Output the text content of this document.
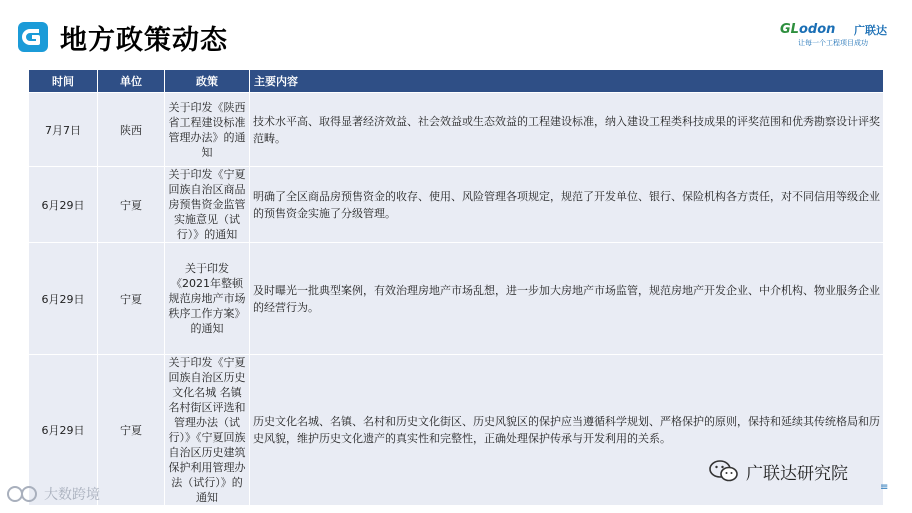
地方政策动态	GLodon 广联达
让每一个工程项目成功
时间	单位	政策	主要内容
7月7日	陕西	关于印发《陕西省工程建设标准管理办法》的通知	技术水平高、取得显著经济效益、社会效益或生态效益的工程建设标准，纳入建设工程类科技成果的评奖范围和优秀勘察设计评奖范畴。
6月29日	宁夏	关于印发《宁夏回族自治区商品房预售资金监管实施意见（试行）》的通知	明确了全区商品房预售资金的收存、使用、风险管理各项规定，规范了开发单位、银行、保险机构各方责任，对不同信用等级企业的预售资金实施了分级管理。
6月29日	宁夏	关于印发《2021年整顿规范房地产市场秩序工作方案》的通知	及时曝光一批典型案例，有效治理房地产市场乱想，进一步加大房地产市场监管，规范房地产开发企业、中介机构、物业服务企业的经营行为。
6月29日	宁夏	关于印发《宁夏回族自治区历史文化名城 名镇名村街区评选和管理办法（试行）》《宁夏回族自治区历史建筑保护利用管理办法（试行）》的通知	历史文化名城、名镇、名村和历史文化街区、历史风貌区的保护应当遵循科学规划、严格保护的原则，保持和延续其传统格局和历史风貌，维护历史文化遗产的真实性和完整性，正确处理保护传承与开发利用的关系。
大数跨境
广联达研究院
≡
